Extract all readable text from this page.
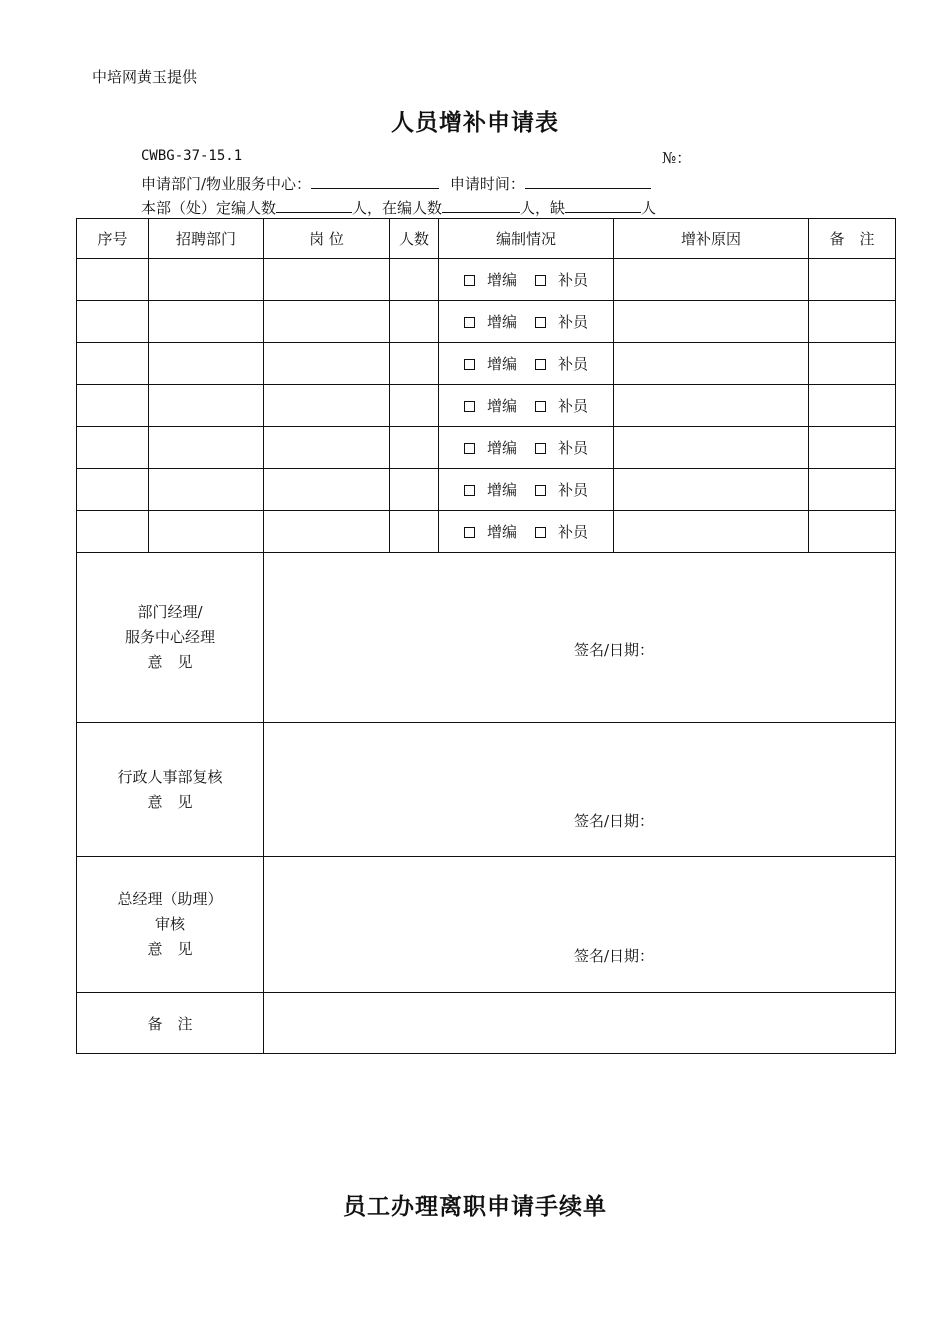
中培网黄玉提供
人员增补申请表
CWBG-37-15.1	№：
申请部门/物业服务中心：	申请时间：
本部（处）定编人数	人，在编人数	人，缺	人
序号	招聘部门	岗 位	人数	编制情况	增补原因	备　注
				增编 补员		
				增编 补员		
				增编 补员		
				增编 补员		
				增编 补员		
				增编 补员		
				增编 补员		

部门经理/
服务中心经理
意　见		签名/日期：				

行政人事部复核
意　见		签名/日期：				

总经理（助理）
审核
意　见		签名/日期：				

备　注						
员工办理离职申请手续单
